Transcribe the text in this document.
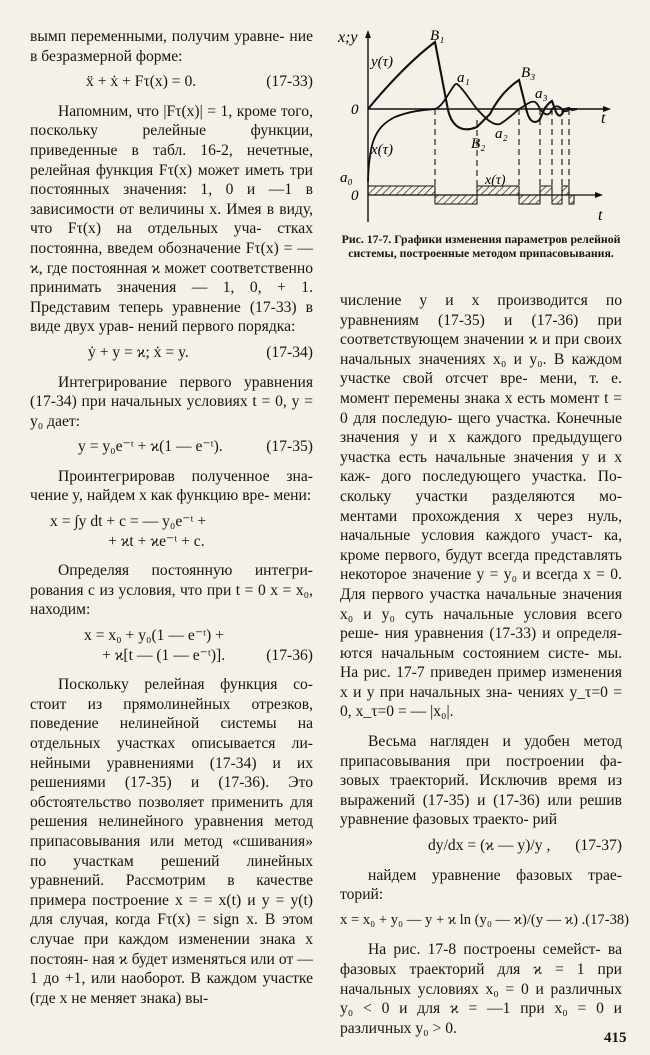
вымп переменными, получим уравне- ние в безразмерной форме:

ẍ + ẋ + Fτ(x) = 0.	(17-33)

Напомним, что |Fτ(x)| = 1, кроме того, поскольку релейные функции, приведенные в табл. 16-2, нечетные, релейная функция Fτ(x) может иметь три постоянных значения: 1, 0 и —1 в зависимости от величины x. Имея в виду, что Fτ(x) на отдельных уча- стках постоянна, введем обозначение Fτ(x) = — ϰ, где постоянная ϰ может соответственно принимать значения — 1, 0, + 1. Представим теперь уравнение (17-33) в виде двух урав- нений первого порядка:

ẏ + y = ϰ; ẋ = y.	(17-34)

Интегрирование первого уравнения (17-34) при начальных условиях t = 0, y = y₀ дает:

y = y₀e⁻ᵗ + ϰ(1 — e⁻ᵗ).	(17-35)

Проинтегрировав полученное зна- чение y, найдем x как функцию вре- мени:

x = ∫y dt + c = — y₀e⁻ᵗ +
+ ϰt + ϰe⁻ᵗ + c.

Определяя постоянную интегри- рования c из условия, что при t = 0 x = x₀, находим:

x = x₀ + y₀(1 — e⁻ᵗ) +
+ ϰ[t — (1 — e⁻ᵗ)].	(17-36)

Поскольку релейная функция со- стоит из прямолинейных отрезков, поведение нелинейной системы на отдельных участках описывается ли- нейными уравнениями (17-34) и их решениями (17-35) и (17-36). Это обстоятельство позволяет применить для решения нелинейного уравнения метод припасовывания или метод «сшивания» по участкам решений линейных уравнений. Рассмотрим в качестве примера построение x = = x(t) и y = y(t) для случая, когда Fτ(x) = sign x. В этом случае при каждом изменении знака x постоян- ная ϰ будет изменяться или от —1 до +1, или наоборот. В каждом участке (где x не меняет знака) вы-

x;y
y(τ)
x(τ)
x(τ)
0
0
t
t
B₁
B₂
B₃
a₀
a₁
a₂
a₃
Рис. 17-7. Графики изменения параметров релейной системы, построенные методом припасовывания.

числение y и x производится по уравнениям (17-35) и (17-36) при соответствующем значении ϰ и при своих начальных значениях x₀ и y₀. В каждом участке свой отсчет вре- мени, т. е. момент перемены знака x есть момент t = 0 для последую- щего участка. Конечные значения y и x каждого предыдущего участка есть начальные значения y и x каж- дого последующего участка. По- скольку участки разделяются мо- ментами прохождения x через нуль, начальные условия каждого участ- ка, кроме первого, будут всегда представлять некоторое значение y = y₀ и всегда x = 0. Для первого участка начальные значения x₀ и y₀ суть начальные условия всего реше- ния уравнения (17-33) и определя- ются начальным состоянием систе- мы. На рис. 17-7 приведен пример изменения x и y при начальных зна- чениях y_τ=0 = 0, x_τ=0 = — |x₀|.

Весьма нагляден и удобен метод припасовывания при построении фа- зовых траекторий. Исключив время из выражений (17-35) и (17-36) или решив уравнение фазовых траекто- рий

dy/dx = (ϰ — y)/y , (17-37)

найдем уравнение фазовых трае- торий:

x = x₀ + y₀ — y + ϰ ln (y₀ — ϰ)/(y — ϰ) . (17-38)

На рис. 17-8 построены семейст- ва фазовых траекторий для ϰ = 1 при начальных условиях x₀ = 0 и различных y₀ < 0 и для ϰ = —1 при x₀ = 0 и различных y₀ > 0.

415
